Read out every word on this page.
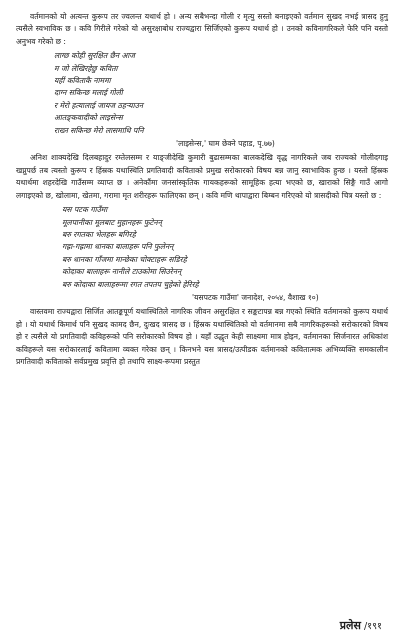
वर्तमानको यो अत्यन्त कुरूप तर ज्वलन्त यथार्थ हो । अन्य सबैभन्दा गोली र मृत्यु सस्तो बनाइएको वर्तमान सुखद नभई त्रासद हुनु त्यसैले स्वभाविक छ । कवि गिरीले गरेको यो असुरक्षाबोध राज्यद्वारा सिर्जिएको कुरूप यथार्थ हो । उनको कविनागरिकले फेरि पनि यस्तो अनुभव गरेको छ :

लाग्छ कोही सुरक्षित छैन आज
म जो लेखिरहेछु कविता
यहीं कविताकै नाममा
दाग्न सकिन्छ मलाई गोली
र मेरो हत्यालाई जायज ठहऱ्याउन
आतङ्‌कवादीको लाइसेन्स
राख्न सकिन्छ मेरो लासमाथि पनि
'लाइसेन्स,' घाम छेक्ने पहाड, पृ.७७)

अनिश शाक्यदेखि दिलबहादुर रम्तेलसम्म र याङ्जीदेखि कुमारी बुढासम्मका बालकदेखि वृद्ध नागरिकले जब राज्यको गोलीदगाइ खप्नुपर्छ तब त्यस्तो कुरूप र हिंस्रक यथास्थिति प्रगतिवादी कविताको प्रमुख सरोकारको विषय बन्न जानु स्वाभाविक हुन्छ । यस्तो हिंस्रक यथार्थमा शहरदेखि गाउँसम्म व्याप्त छ । अनेकौंमा जनसांस्कृतिक गायकहरूको सामूहिक हत्या भएको छ, खाराको सिङ्गै गाउँ आगो लगाइएको छ, खोलामा, खेतमा, गरामा मृत शरीरहरू फालिएका छन् । कवि मणि थापाद्वारा बिम्बन गरिएको यो त्रासदीको चित्र यस्तो छ :

यस पटक गाउँमा
मूलपानीका मूलबाट मुहानहरू फुटेनन्
बरु रगतका भेलहरू बगिरहे
गह्रा-गह्रामा धानका बालाहरू पनि फुलेनन्
बरु धानका गाँजमा मान्छेका चोक्टाहरू सडिरहे
कोदाका बालाहरू नानीले टाउकोमा सिउरेनन्
बरु कोदाका बालाहरूमा रगत तपतप चुहेको हेरिरहे
'यसपटक गाउँमा' जनादेश, २०५४, वैशाख १०)

वास्तवमा राज्यद्वारा सिर्जित आतङ्कपूर्ण यथास्थितिले नागरिक जीवन असुरक्षित र सङ्कटापन्न बन्न गएको स्थिति वर्तमानको कुरूप यथार्थ हो । यो यथार्थ किमार्थ पनि सुखद कामद छैन, दुःखद त्रासद छ । हिंस्रक यथास्थितिको यो वर्तमानमा सबै नागरिकहरूको सरोकारको विषय हो र त्यसैले यो प्रगतिवादी कविहरूको पनि सरोकारको विषय हो । यहाँ उद्धृत केही साक्ष्यमा मात्र होइन, वर्तमानका सिर्जनारत अधिकांश कविहरूले यस सरोकारलाई कवितामा व्यक्त गरेका छन् । किनभने यस त्रासद/उत्पीडक वर्तमानको कवितात्मक अभिव्यक्ति समकालीन प्रगतिवादी कविताको सर्वप्रमुख प्रवृत्ति हो तथापि साक्ष्य-रूपमा प्रस्तुत

प्रलेस /१९१
